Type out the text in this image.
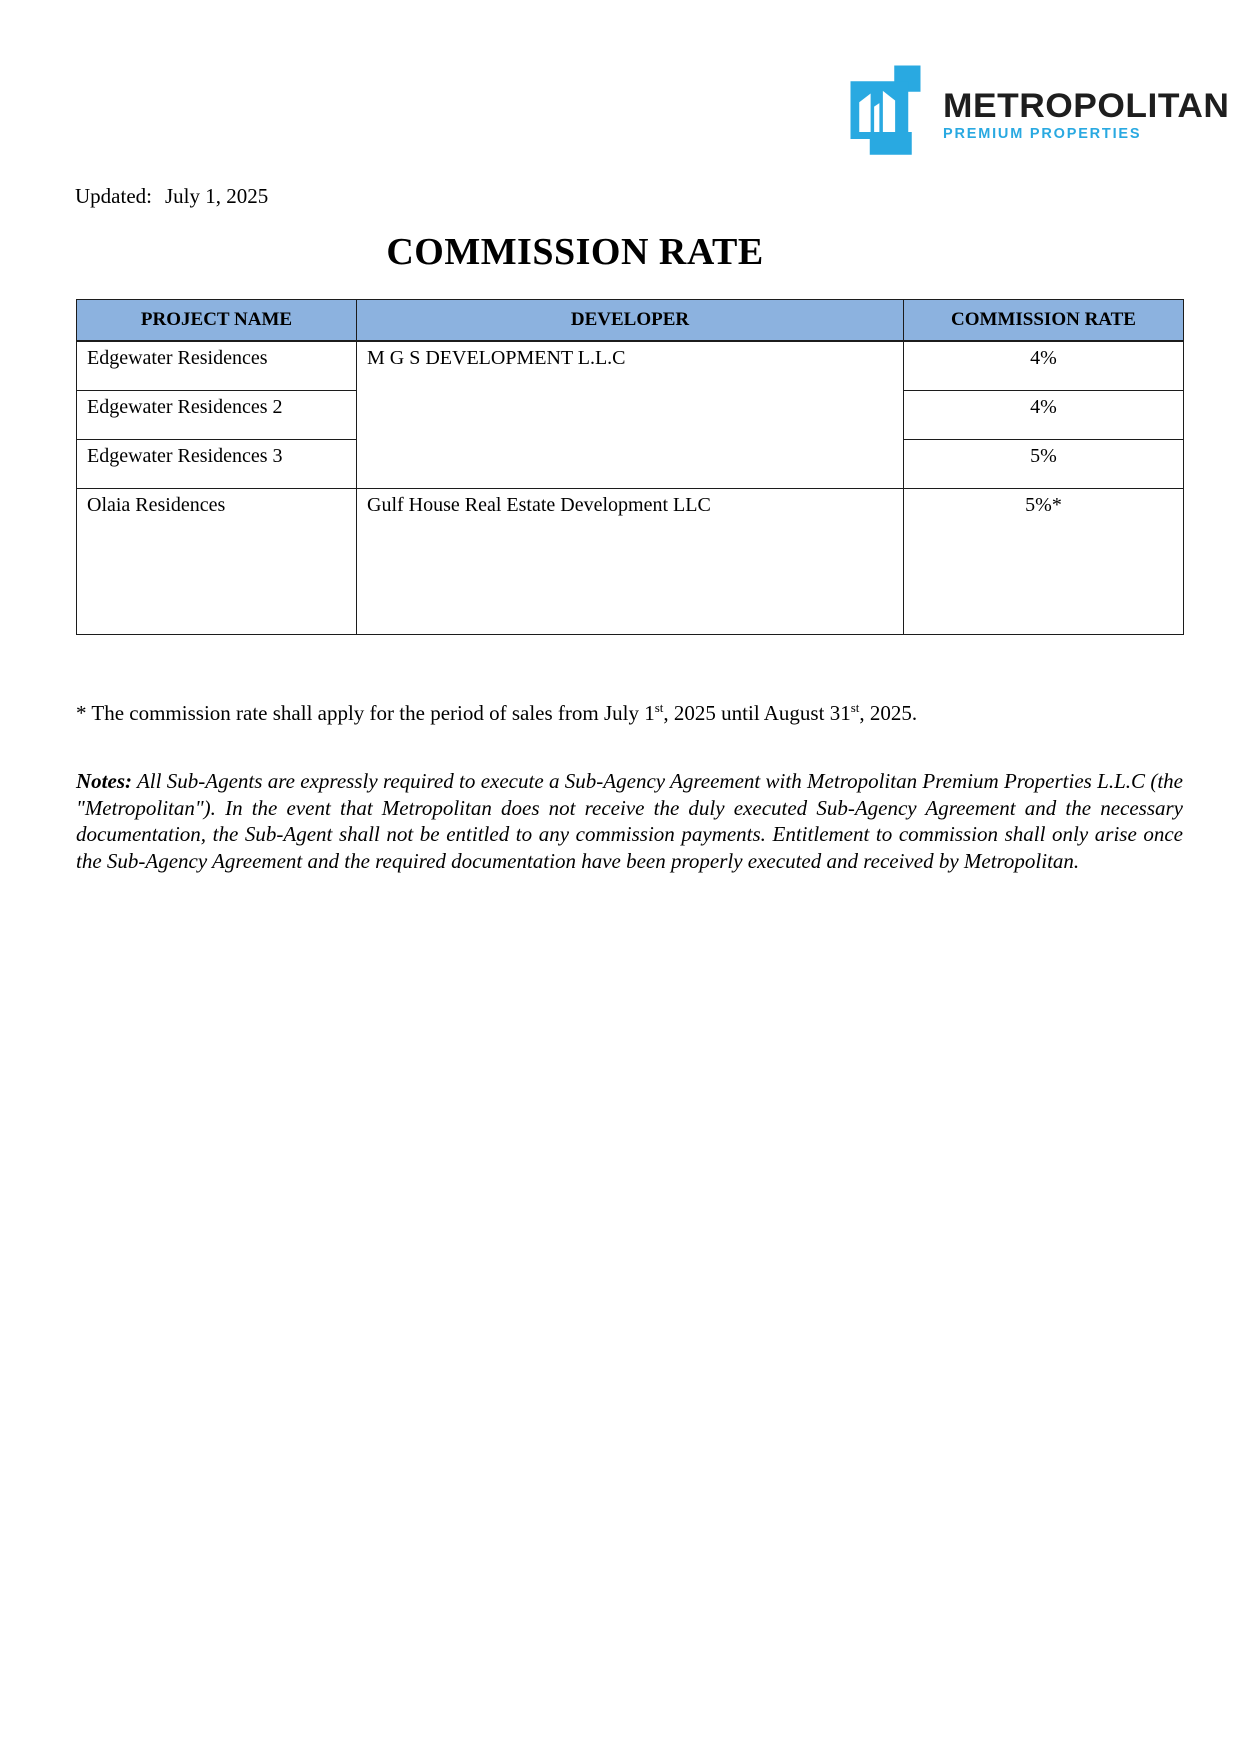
METROPOLITAN
PREMIUM PROPERTIES
Updated: July 1, 2025
COMMISSION RATE
PROJECT NAME	DEVELOPER	COMMISSION RATE
Edgewater Residences	M G S DEVELOPMENT L.L.C	4%
Edgewater Residences 2		4%
Edgewater Residences 3		5%
Olaia Residences	Gulf House Real Estate Development LLC	5%*
* The commission rate shall apply for the period of sales from July 1st, 2025 until August 31st, 2025.
Notes: All Sub-Agents are expressly required to execute a Sub-Agency Agreement with Metropolitan Premium Properties L.L.C (the "Metropolitan"). In the event that Metropolitan does not receive the duly executed Sub-Agency Agreement and the necessary documentation, the Sub-Agent shall not be entitled to any commission payments. Entitlement to commission shall only arise once the Sub-Agency Agreement and the required documentation have been properly executed and received by Metropolitan.
